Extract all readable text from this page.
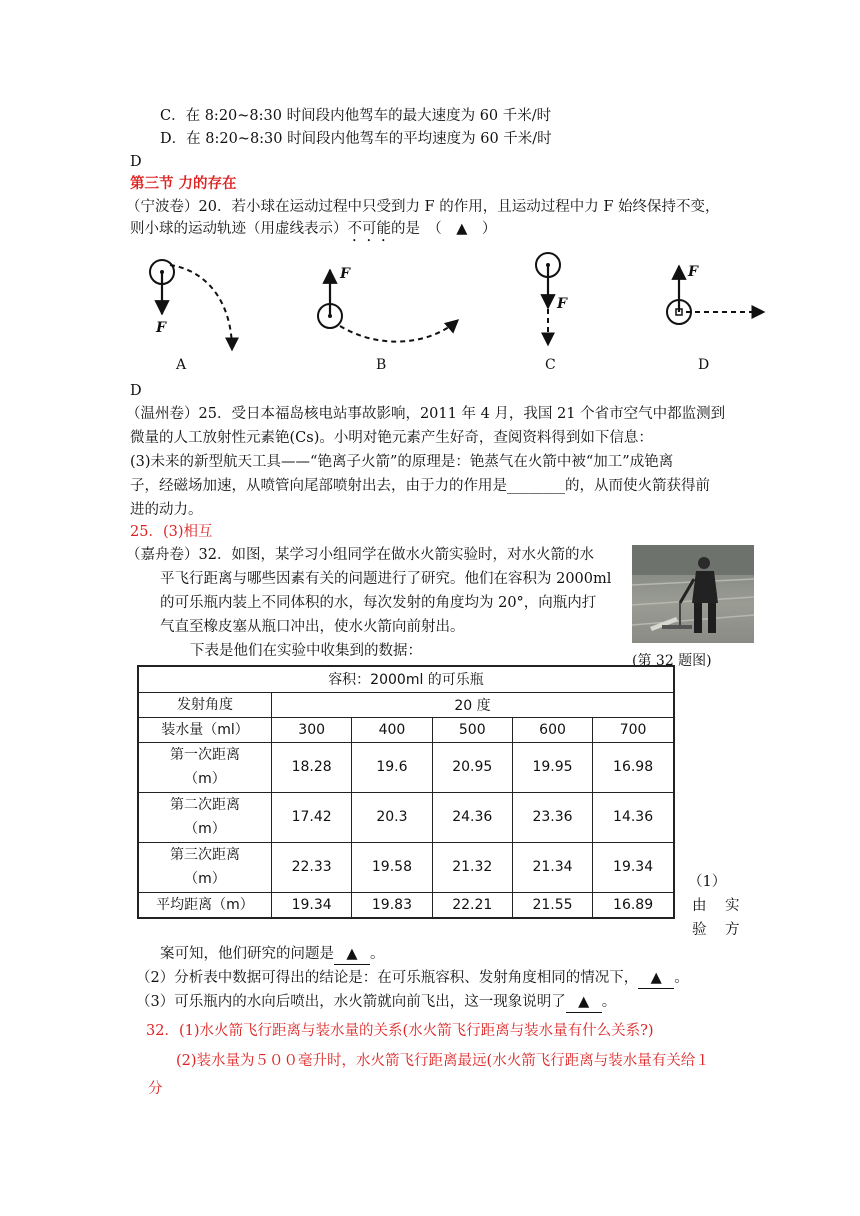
C．在 8:20~8:30 时间段内他驾车的最大速度为 60 千米/时
D．在 8:20~8:30 时间段内他驾车的平均速度为 60 千米/时
D
第三节 力的存在
（宁波卷）20．若小球在运动过程中只受到力 F 的作用，且运动过程中力 F 始终保持不变，
则小球的运动轨迹（用虚线表示）不可能的是　（　▲　）
F
F
F
F
A	B	C	D
D
（温州卷）25．受日本福岛核电站事故影响，2011 年 4 月，我国 21 个省市空气中都监测到
微量的人工放射性元素铯(Cs)。小明对铯元素产生好奇，查阅资料得到如下信息：
(3)未来的新型航天工具——“铯离子火箭”的原理是：铯蒸气在火箭中被“加工”成铯离
子，经磁场加速，从喷管向尾部喷射出去，由于力的作用是________的，从而使火箭获得前
进的动力。
25．(3)相互
（嘉舟卷）32．如图，某学习小组同学在做水火箭实验时，对水火箭的水
平飞行距离与哪些因素有关的问题进行了研究。他们在容积为 2000ml
的可乐瓶内装上不同体积的水，每次发射的角度均为 20°，向瓶内打
气直至橡皮塞从瓶口冲出，使水火箭向前射出。
下表是他们在实验中收集到的数据：
(第 32 题图)
容积：2000ml 的可乐瓶					
发射角度	20 度				
装水量（ml）	300	400	500	600	700

第一次距离
（m）	18.28	19.6	20.95	19.95	16.98

第二次距离
（m）	17.42	20.3	24.36	23.36	14.36

第三次距离
（m）	22.33	19.58	21.32	21.34	19.34
平均距离（m）	19.34	19.83	22.21	21.55	16.89
（1）
由　实
验　方
案可知，他们研究的问题是 ▲ 。
（2）分析表中数据可得出的结论是：在可乐瓶容积、发射角度相同的情况下， ▲ 。
（3）可乐瓶内的水向后喷出，水火箭就向前飞出，这一现象说明了 ▲ 。
32．(1)水火箭飞行距离与装水量的关系(水火箭飞行距离与装水量有什么关系?)
(2)装水量为５００毫升时，水火箭飞行距离最远(水火箭飞行距离与装水量有关给１
分
